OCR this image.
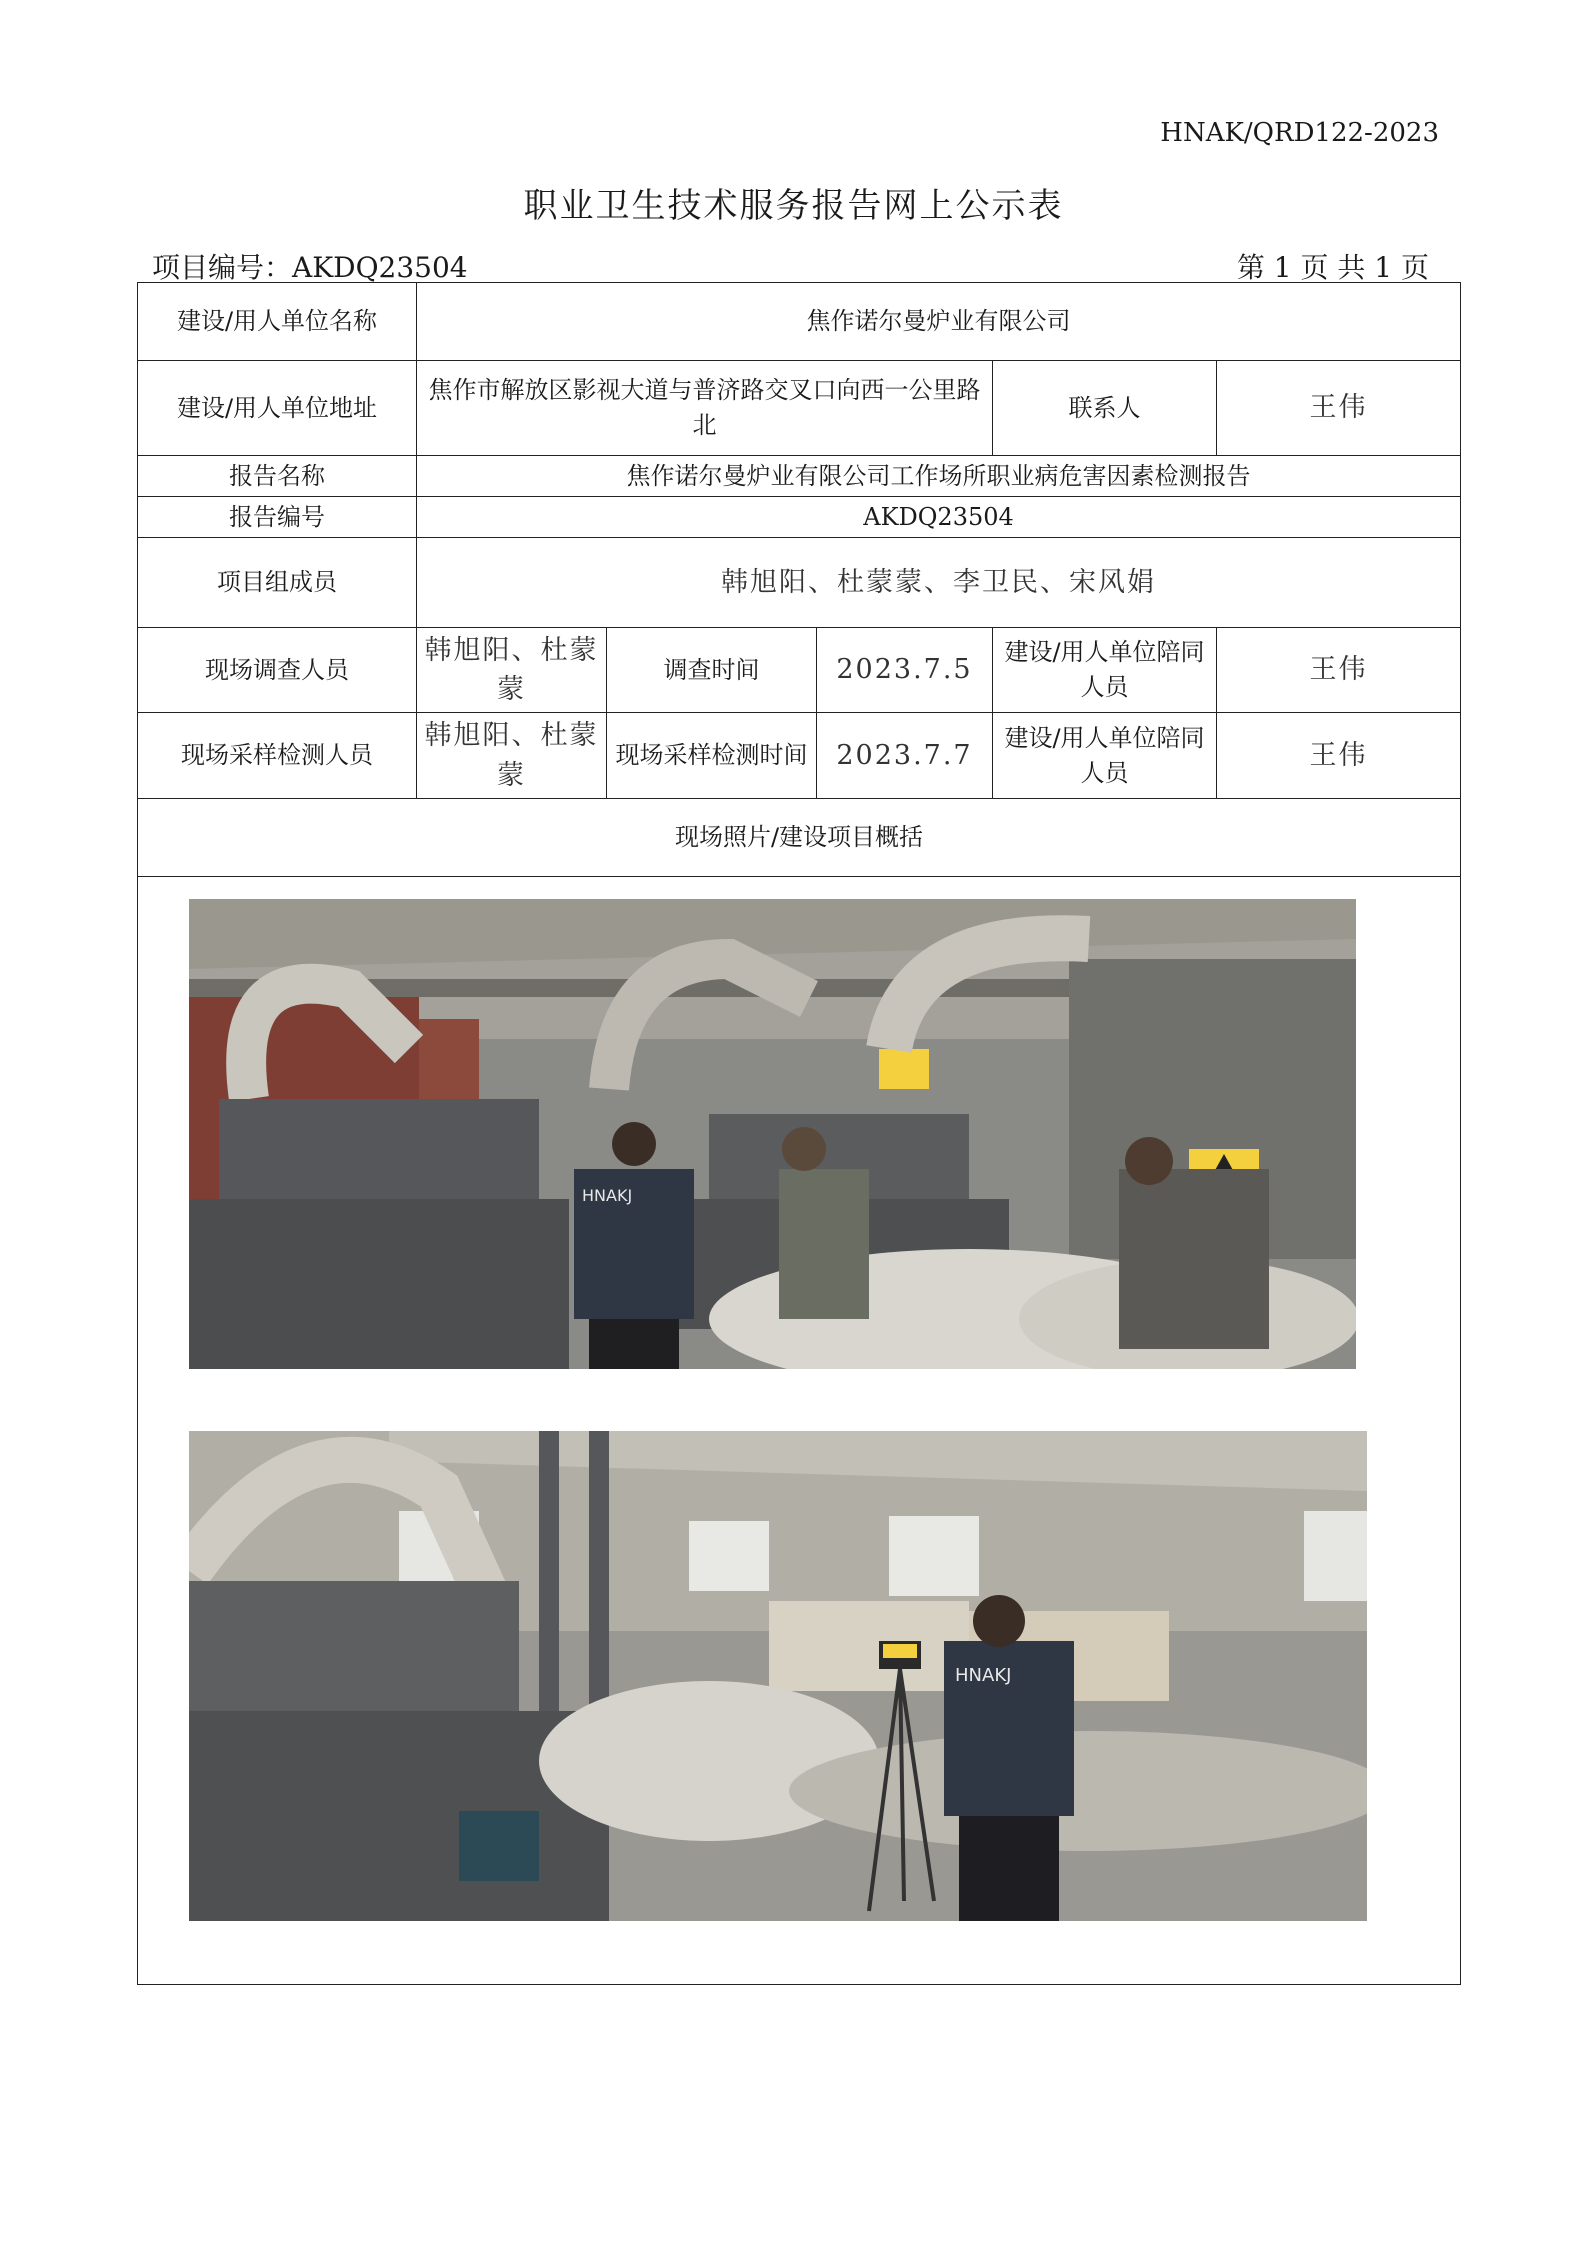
HNAK/QRD122-2023
职业卫生技术服务报告网上公示表
项目编号：AKDQ23504	第 1 页 共 1 页
建设/用人单位名称	焦作诺尔曼炉业有限公司				
建设/用人单位地址	焦作市解放区影视大道与普济路交叉口向西一公里路北			联系人	王伟
报告名称	焦作诺尔曼炉业有限公司工作场所职业病危害因素检测报告				
报告编号	AKDQ23504				
项目组成员	韩旭阳、杜蒙蒙、李卫民、宋风娟				
现场调查人员	韩旭阳、杜蒙蒙	调查时间	2023.7.5	建设/用人单位陪同人员	王伟
现场采样检测人员	韩旭阳、杜蒙蒙	现场采样检测时间	2023.7.7	建设/用人单位陪同人员	王伟
现场照片/建设项目概括					

HNAKJ
HNAKJ					
